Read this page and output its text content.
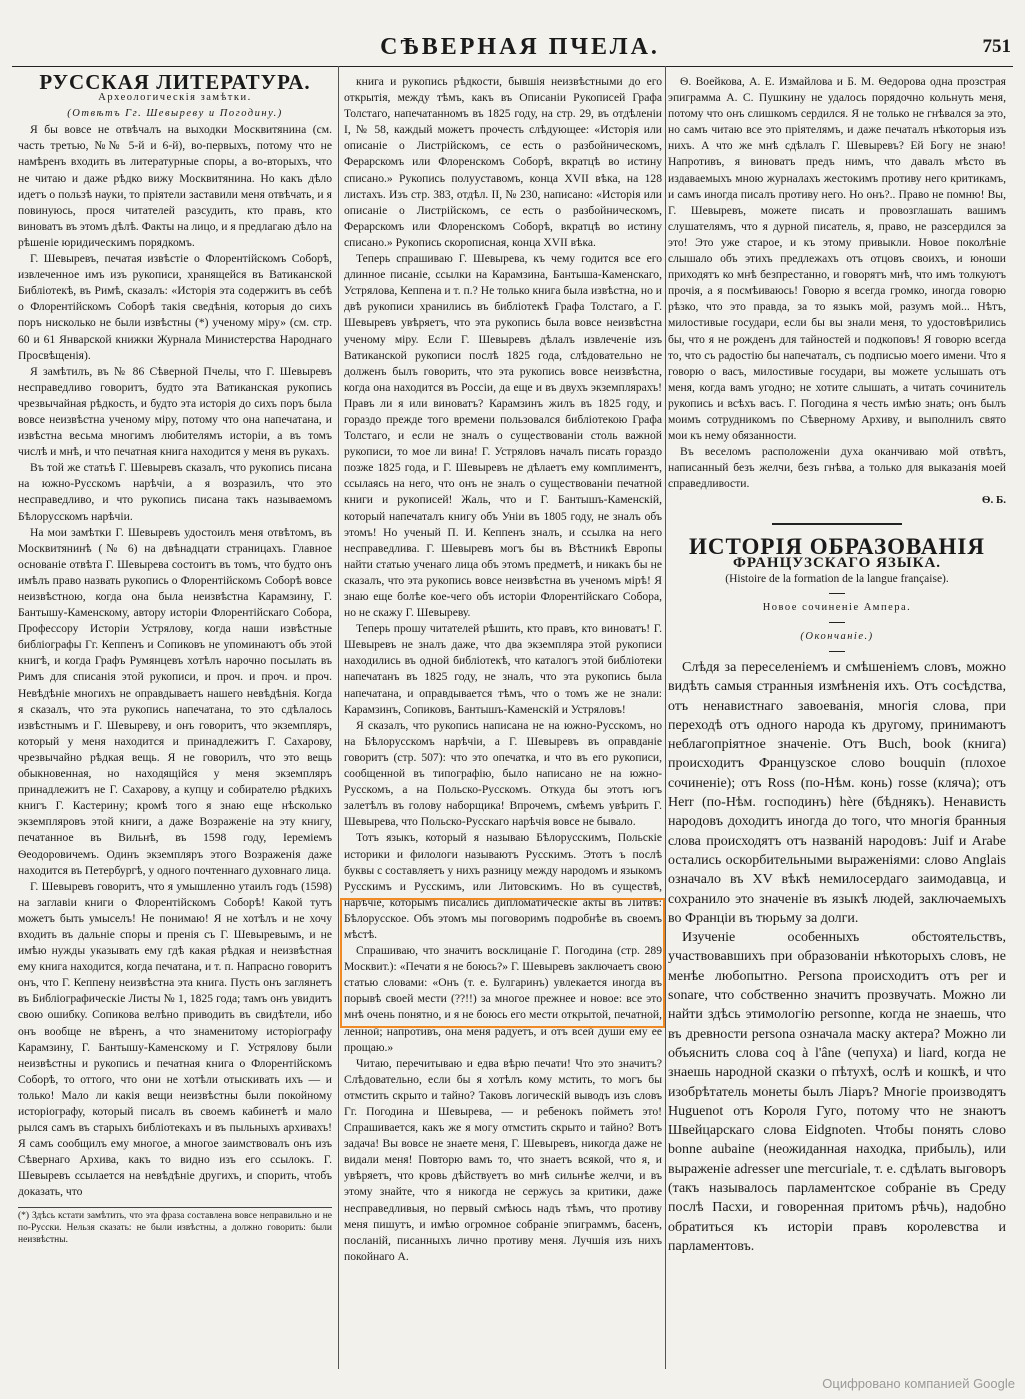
СѢВЕРНАЯ ПЧЕЛА.	751

РУССКАЯ ЛИТЕРАТУРА.

Археологическія замѣтки.

(Отвѣтъ Гг. Шевыреву и Погодину.)

Я бы вовсе не отвѣчалъ на выходки Москвитянина (см. часть третью, №№ 5-й и 6-й), во-первыхъ, потому что не намѣренъ входить въ литературные споры, а во-вторыхъ, что не читаю и даже рѣдко вижу Москвитянина. Но какъ дѣло идетъ о пользѣ науки, то пріятели заставили меня отвѣчать, и я повинуюсь, прося читателей разсудить, кто правъ, кто виноватъ въ этомъ дѣлѣ. Факты на лицо, и я предлагаю дѣло на рѣшеніе юридическимъ порядкомъ.

Г. Шевыревъ, печатая извѣстіе о Флорентійскомъ Соборѣ, извлеченное имъ изъ рукописи, хранящейся въ Ватиканской Библіотекѣ, въ Римѣ, сказалъ: «Исторія эта содержитъ въ себѣ о Флорентійскомъ Соборѣ такія сведѣнія, которыя до сихъ поръ нисколько не были извѣстны (*) ученому міру» (см. стр. 60 и 61 Январской книжки Журнала Министерства Народнаго Просвѣщенія).

Я замѣтилъ, въ № 86 Сѣверной Пчелы, что Г. Шевыревъ несправедливо говоритъ, будто эта Ватиканская рукопись чрезвычайная рѣдкость, и будто эта исторія до сихъ поръ была вовсе неизвѣстна ученому міру, потому что она напечатана, и извѣстна весьма многимъ любителямъ исторіи, а въ томъ числѣ и мнѣ, и что печатная книга находится у меня въ рукахъ.

Въ той же статьѣ Г. Шевыревъ сказалъ, что рукопись писана на южно-Русскомъ нарѣчіи, а я возразилъ, что это несправедливо, и что рукопись писана такъ называемомъ Бѣлорусскомъ нарѣчіи.

На мои замѣтки Г. Шевыревъ удостоилъ меня отвѣтомъ, въ Москвитянинѣ (№ 6) на двѣнадцати страницахъ. Главное основаніе отвѣта Г. Шевырева состоитъ въ томъ, что будто онъ имѣлъ право назвать рукопись о Флорентійскомъ Соборѣ вовсе неизвѣстною, когда она была неизвѣстна Карамзину, Г. Бантышу-Каменскому, автору исторіи Флорентійскаго Собора, Профессору Исторіи Устрялову, когда наши извѣстные библіографы Гг. Кеппенъ и Сопиковъ не упоминаютъ объ этой книгѣ, и когда Графъ Румянцевъ хотѣлъ нарочно посылать въ Римъ для списанія этой рукописи, и проч. и проч. и проч. Невѣдѣніе многихъ не оправдываетъ нашего невѣдѣнія. Когда я сказалъ, что эта рукопись напечатана, то это сдѣлалось извѣстнымъ и Г. Шевыреву, и онъ говоритъ, что экземпляръ, который у меня находится и принадлежитъ Г. Сахарову, чрезвычайно рѣдкая вещь. Я не говорилъ, что это вещь обыкновенная, но находящійся у меня экземпляръ принадлежитъ не Г. Сахарову, а купцу и собирателю рѣдкихъ книгъ Г. Кастерину; кромѣ того я знаю еще нѣсколько экземпляровъ этой книги, а даже Возраженіе на эту книгу, печатанное въ Вильнѣ, въ 1598 году, Іереміемъ Ѳеодоровичемъ. Одинъ экземпляръ этого Возраженія даже находится въ Петербургѣ, у одного почтеннаго духовнаго лица.

Г. Шевыревъ говоритъ, что я умышленно утаилъ годъ (1598) на заглавіи книги о Флорентійскомъ Соборѣ! Какой тутъ можетъ быть умыселъ! Не понимаю! Я не хотѣлъ и не хочу входить въ дальніе споры и пренія съ Г. Шевыревымъ, и не имѣю нужды указывать ему гдѣ какая рѣдкая и неизвѣстная ему книга находится, когда печатана, и т. п. Напрасно говоритъ онъ, что Г. Кеппену неизвѣстна эта книга. Пусть онъ заглянетъ въ Библіографическіе Листы № 1, 1825 года; тамъ онъ увидитъ свою ошибку. Сопикова велѣно приводить въ свидѣтели, ибо онъ вообще не вѣренъ, а что знаменитому исторіографу Карамзину, Г. Бантышу-Каменскому и Г. Устрялову были неизвѣстны и рукопись и печатная книга о Флорентійскомъ Соборѣ, то оттого, что они не хотѣли отыскивать ихъ — и только! Мало ли какія вещи неизвѣстны были покойному исторіографу, который писалъ въ своемъ кабинетѣ и мало рылся самъ въ старыхъ библіотекахъ и въ пыльныхъ архивахъ! Я самъ сообщилъ ему многое, а многое заимствовалъ онъ изъ Сѣвернаго Архива, какъ то видно изъ его ссылокъ. Г. Шевыревъ ссылается на невѣдѣніе другихъ, и спорить, чтобъ доказать, что

(*) Здѣсь кстати замѣтить, что эта фраза составлена вовсе неправильно и не по-Русски. Нельзя сказать: не были извѣстны, а должно говорить: были неизвѣстны.

книга и рукопись рѣдкости, бывшія неизвѣстными до его открытія, между тѣмъ, какъ въ Описаніи Рукописей Графа Толстаго, напечатанномъ въ 1825 году, на стр. 29, въ отдѣленіи I, № 58, каждый можетъ прочесть слѣдующее: «Исторія или описаніе о Листрійскомъ, се есть о разбойническомъ, Ферарскомъ или Флоренскомъ Соборѣ, вкратцѣ во истину списано.» Рукопись полууставомъ, конца XVII вѣка, на 128 листахъ. Изъ стр. 383, отдѣл. II, № 230, написано: «Исторія или описаніе о Листрійскомъ, се есть о разбойническомъ, Ферарскомъ или Флоренскомъ Соборѣ, вкратцѣ во истину списано.» Рукопись скорописная, конца XVII вѣка.

Теперь спрашиваю Г. Шевырева, къ чему годится все его длинное писаніе, ссылки на Карамзина, Бантыша-Каменскаго, Устрялова, Кеппена и т. п.? Не только книга была извѣстна, но и двѣ рукописи хранились въ библіотекѣ Графа Толстаго, а Г. Шевыревъ увѣряетъ, что эта рукопись была вовсе неизвѣстна ученому міру. Если Г. Шевыревъ дѣлалъ извлеченіе изъ Ватиканской рукописи послѣ 1825 года, слѣдовательно не долженъ былъ говорить, что эта рукопись вовсе неизвѣстна, когда она находится въ Россіи, да еще и въ двухъ экземплярахъ! Правъ ли я или виноватъ? Карамзинъ жилъ въ 1825 году, и гораздо прежде того времени пользовался библіотекою Графа Толстаго, и если не зналъ о существованіи столь важной рукописи, то мое ли вина! Г. Устряловъ началъ писать гораздо позже 1825 года, и Г. Шевыревъ не дѣлаетъ ему комплиментъ, ссылаясь на него, что онъ не зналъ о существованіи печатной книги и рукописей! Жаль, что и Г. Бантышъ-Каменскій, который напечаталъ книгу объ Уніи въ 1805 году, не зналъ объ этомъ! Но ученый П. И. Кеппенъ зналъ, и ссылка на него несправедлива. Г. Шевыревъ могъ бы въ Вѣстникѣ Европы найти статью ученаго лица объ этомъ предметѣ, и никакъ бы не сказалъ, что эта рукопись вовсе неизвѣстна въ ученомъ мірѣ! Я знаю еще болѣе кое-чего объ исторіи Флорентійскаго Собора, но не скажу Г. Шевыреву.

Теперь прошу читателей рѣшить, кто правъ, кто виноватъ! Г. Шевыревъ не зналъ даже, что два экземпляра этой рукописи находились въ одной библіотекѣ, что каталогъ этой библіотеки напечатанъ въ 1825 году, не зналъ, что эта рукопись была напечатана, и оправдывается тѣмъ, что о томъ же не знали: Карамзинъ, Сопиковъ, Бантышъ-Каменскій и Устряловъ!

Я сказалъ, что рукопись написана не на южно-Русскомъ, но на Бѣлорусскомъ нарѣчіи, а Г. Шевыревъ въ оправданіе говоритъ (стр. 507): что это опечатка, и что въ его рукописи, сообщенной въ типографію, было написано не на южно-Русскомъ, а на Польско-Русскомъ. Откуда бы этотъ югъ залетѣлъ въ голову наборщика! Впрочемъ, смѣемъ увѣрить Г. Шевырева, что Польско-Русскаго нарѣчія вовсе не бывало.

Тотъ языкъ, который я называю Бѣлорусскимъ, Польскіе историки и филологи называютъ Русскимъ. Этотъ ъ послѣ буквы с составляетъ у нихъ разницу между народомъ и языкомъ Русскимъ и Русскимъ, или Литовскимъ. Но въ существѣ, нарѣчіе, которымъ писались дипломатическіе акты въ Литвѣ: Бѣлорусское. Объ этомъ мы поговоримъ подробнѣе въ своемъ мѣстѣ.

Спрашиваю, что значитъ восклицаніе Г. Погодина (стр. 289 Москвит.): «Печати я не боюсь?» Г. Шевыревъ заключаетъ свою статью словами: «Онъ (т. е. Булгаринъ) увлекается иногда въ порывѣ своей мести (??!!) за многое прежнее и новое: все это мнѣ очень понятно, и я не боюсь его мести открытой, печатной, ленной; напротивъ, она меня радуетъ, и отъ всей души ему ее прощаю.»

Читаю, перечитываю и едва вѣрю печати! Что это значитъ? Слѣдовательно, если бы я хотѣлъ кому мстить, то могъ бы отмстить скрыто и тайно? Таковъ логическій выводъ изъ словъ Гг. Погодина и Шевырева, — и ребенокъ пойметъ это! Спрашивается, какъ же я могу отмстить скрыто и тайно? Вотъ задача! Вы вовсе не знаете меня, Г. Шевыревъ, никогда даже не видали меня! Повторю вамъ то, что знаетъ всякой, что я, и увѣряетъ, что кровь дѣйствуетъ во мнѣ сильнѣе желчи, и въ этому знайте, что я никогда не сержусь за критики, даже несправедливыя, но первый смѣюсь надъ тѣмъ, что противу меня пишутъ, и имѣю огромное собраніе эпиграммъ, басенъ, посланій, писанныхъ лично противу меня. Лучшія изъ нихъ покойнаго А.

Ѳ. Воейкова, А. Е. Измайлова и Б. М. Ѳедорова одна прозстрая эпиграмма А. С. Пушкину не удалось порядочно кольнуть меня, потому что онъ слишкомъ сердился. Я не только не гнѣвался за это, но самъ читаю все это пріятелямъ, и даже печаталъ нѣкоторыя изъ нихъ. А что же мнѣ сдѣлалъ Г. Шевыревъ? Ей Богу не знаю! Напротивъ, я виноватъ предъ нимъ, что давалъ мѣсто въ издаваемыхъ мною журналахъ жестокимъ противу него критикамъ, и самъ иногда писалъ противу него. Но онъ?.. Право не помню! Вы, Г. Шевыревъ, можете писать и провозглашать вашимъ слушателямъ, что я дурной писатель, я, право, не разсердился за это! Это уже старое, и къ этому привыкли. Новое поколѣніе слышало объ этихъ предлежахъ отъ отцовъ своихъ, и юноши приходятъ ко мнѣ безпрестанно, и говорятъ мнѣ, что имъ толкуютъ прочія, а я посмѣиваюсь! Говорю я всегда громко, иногда говорю рѣзко, что это правда, за то языкъ мой, разумъ мой... Нѣтъ, милостивые государи, если бы вы знали меня, то удостовѣрились бы, что я не рожденъ для тайностей и подкоповъ! Я говорю всегда то, что съ радостію бы напечаталъ, съ подписью моего имени. Что я говорю о васъ, милостивые государи, вы можете услышать отъ меня, когда вамъ угодно; не хотите слышать, а читать сочинитель рукопись и всѣхъ васъ. Г. Погодина я честь имѣю знать; онъ былъ моимъ сотрудникомъ по Сѣверному Архиву, и выполнилъ свято мои къ нему обязанности.

Въ веселомъ расположеніи духа оканчиваю мой отвѣтъ, написанный безъ желчи, безъ гнѣва, а только для выказанія моей справедливости.

Ѳ. Б.

ИСТОРІЯ ОБРАЗОВАНІЯ

ФРАНЦУЗСКАГО ЯЗЫКА.

(Histoire de la formation de la langue française).

Новое сочиненіе Ампера.

(Окончаніе.)

Слѣдя за переселеніемъ и смѣшеніемъ словъ, можно видѣть самыя странныя измѣненія ихъ. Отъ сосѣдства, отъ ненавистнаго завоеванія, многія слова, при переходѣ отъ одного народа къ другому, принимаютъ неблагопріятное значеніе. Отъ Buch, book (книга) происходитъ Французское слово bouquin (плохое сочиненіе); отъ Ross (по-Нѣм. конь) rosse (кляча); отъ Herr (по-Нѣм. господинъ) hère (бѣднякъ). Ненависть народовъ доходитъ иногда до того, что многія бранныя слова происходятъ отъ названій народовъ: Juif и Arabe остались оскорбительными выраженіями: слово Anglais означало въ XV вѣкѣ немилосердаго заимодавца, и сохранило это значеніе въ языкѣ людей, заключаемыхъ во Франціи въ тюрьму за долги.

Изученіе особенныхъ обстоятельствъ, участвовавшихъ при образованіи нѣкоторыхъ словъ, не менѣе любопытно. Persona происходитъ отъ per и sonare, что собственно значитъ прозвучать. Можно ли найти здѣсь этимологію personne, когда не знаешь, что въ древности persona означала маску актера? Можно ли объяснить слова coq à l'âne (чепуха) и liard, когда не знаешь народной сказки о пѣтухѣ, oслѣ и кошкѣ, и что изобрѣтатель монеты былъ Ліаръ? Многіе производятъ Huguenot отъ Короля Гуго, потому что не знаютъ Швейцарскаго слова Eidgnoten. Чтобы понять слово bonne aubaine (неожиданная находка, прибыль), или выраженіе adresser une mercuriale, т. е. сдѣлать выговоръ (такъ называлось парламентское собраніе въ Среду послѣ Пасхи, и говоренная притомъ рѣчь), надобно обратиться къ исторіи правъ королевства и парламентовъ.

Оцифровано компанией Google
